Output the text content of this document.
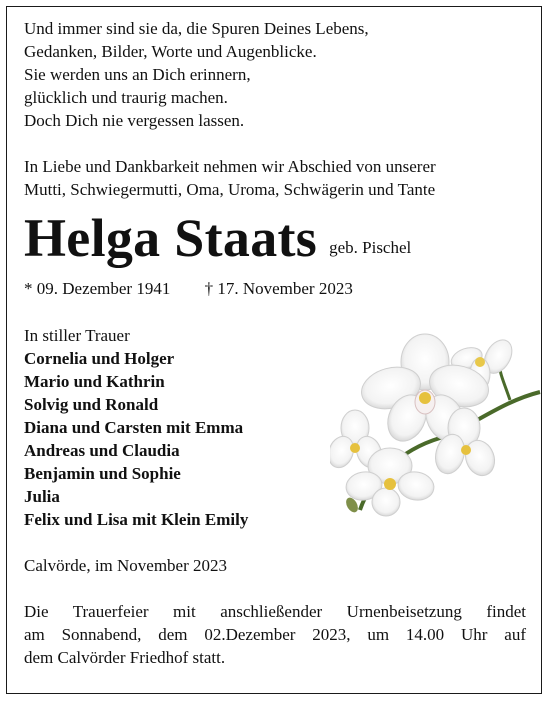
Und immer sind sie da, die Spuren Deines Lebens,

Gedanken, Bilder, Worte und Augenblicke.

Sie werden uns an Dich erinnern,

glücklich und traurig machen.

Doch Dich nie vergessen lassen.

In Liebe und Dankbarkeit nehmen wir Abschied von unserer

Mutti, Schwiegermutti, Oma, Uroma, Schwägerin und Tante

Helga Staats geb. Pischel
* 09. Dezember 1941 † 17. November 2023

In stiller Trauer

Cornelia und Holger

Mario und Kathrin

Solvig und Ronald

Diana und Carsten mit Emma

Andreas und Claudia

Benjamin und Sophie

Julia

Felix und Lisa mit Klein Emily

Calvörde, im November 2023

Die Trauerfeier mit anschließender Urnenbeisetzung findet
am Sonnabend, dem 02.Dezember 2023, um 14.00 Uhr auf
dem Calvörder Friedhof statt.
